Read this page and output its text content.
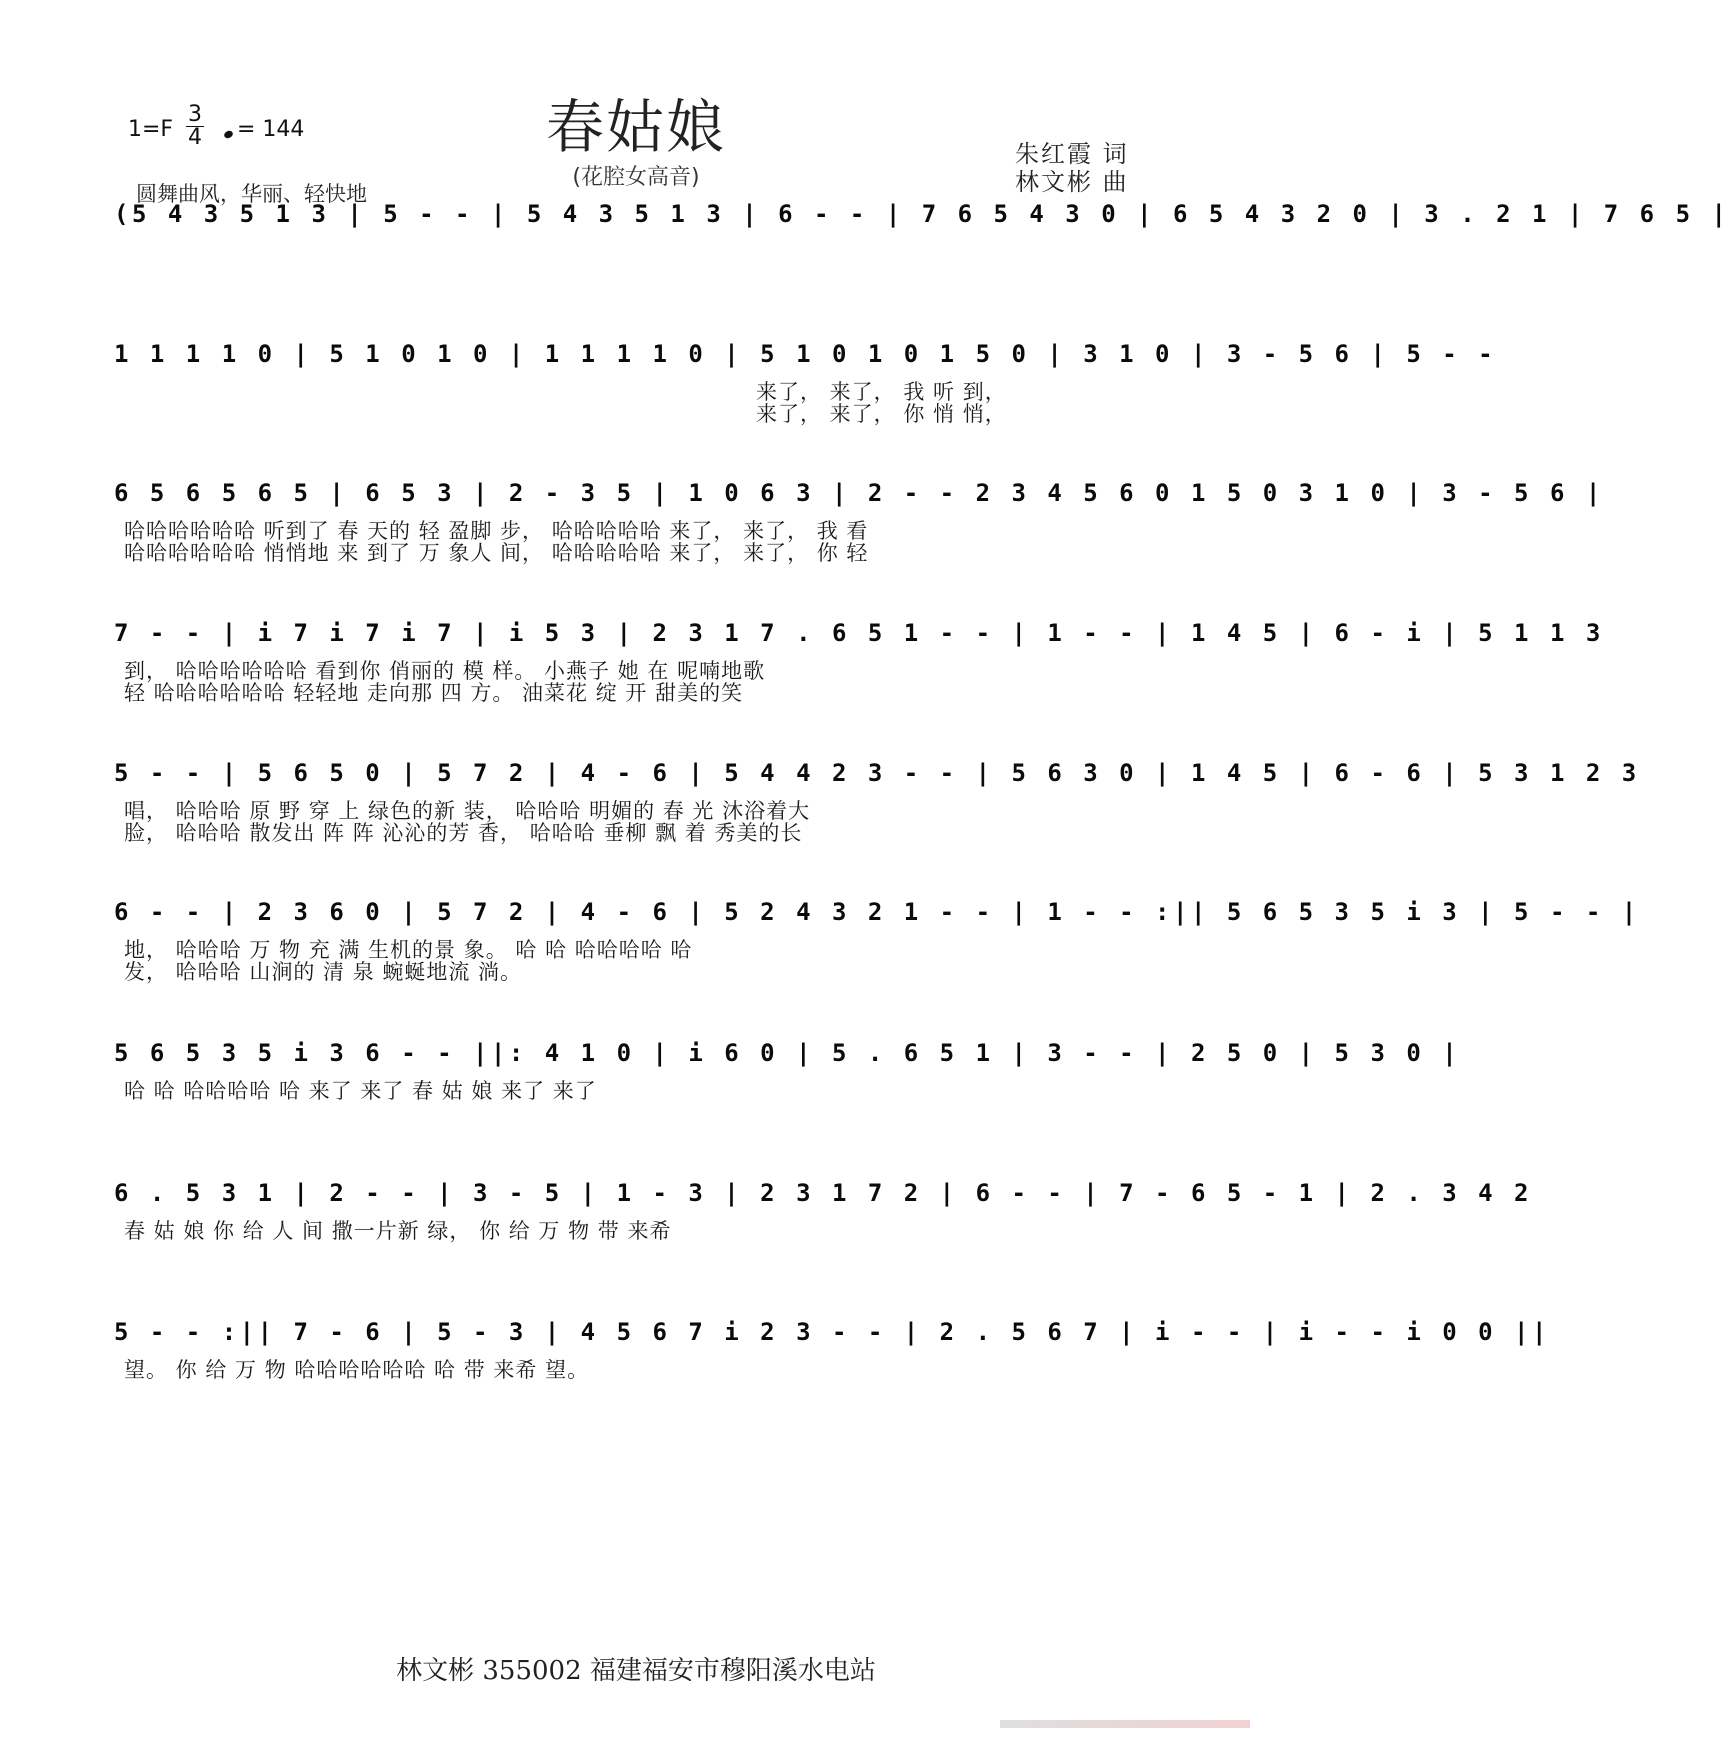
春姑娘
(花腔女高音)
1=F
3
4	= 144
圆舞曲风，华丽、轻快地
朱红霞 词
林文彬 曲
(5 4 3 5 1 3 | 5 - - | 5 4 3 5 1 3 | 6 - - | 7 6 5 4 3 0 | 6 5 4 3 2 0 | 3 . 2 1 | 7 6 5 |
1 1 1 1 0 | 5 1 0 1 0 | 1 1 1 1 0 | 5 1 0 1 0 1 5 0 | 3 1 0 | 3 - 5 6 | 5 - -
来了， 来了， 我 听 到，
来了， 来了， 你 悄 悄，
6 5 6 5 6 5 | 6 5 3 | 2 - 3 5 | 1 0 6 3 | 2 - - 2 3 4 5 6 0 1 5 0 3 1 0 | 3 - 5 6 |
哈哈哈哈哈哈 听到了 春 天的 轻 盈脚 步， 哈哈哈哈哈 来了， 来了， 我 看
哈哈哈哈哈哈 悄悄地 来 到了 万 象人 间， 哈哈哈哈哈 来了， 来了， 你 轻
7 - - | i 7 i 7 i 7 | i 5 3 | 2 3 1 7 . 6 5 1 - - | 1 - - | 1 4 5 | 6 - i | 5 1 1 3
到， 哈哈哈哈哈哈 看到你 俏丽的 模 样。 小燕子 她 在 呢喃地歌
轻 哈哈哈哈哈哈 轻轻地 走向那 四 方。 油菜花 绽 开 甜美的笑
5 - - | 5 6 5 0 | 5 7 2 | 4 - 6 | 5 4 4 2 3 - - | 5 6 3 0 | 1 4 5 | 6 - 6 | 5 3 1 2 3
唱， 哈哈哈 原 野 穿 上 绿色的新 装， 哈哈哈 明媚的 春 光 沐浴着大
脸， 哈哈哈 散发出 阵 阵 沁沁的芳 香， 哈哈哈 垂柳 飘 着 秀美的长
6 - - | 2 3 6 0 | 5 7 2 | 4 - 6 | 5 2 4 3 2 1 - - | 1 - - :|| 5 6 5 3 5 i 3 | 5 - - |
地， 哈哈哈 万 物 充 满 生机的景 象。 哈 哈 哈哈哈哈 哈
发， 哈哈哈 山涧的 清 泉 蜿蜒地流 淌。
5 6 5 3 5 i 3 6 - - ||: 4 1 0 | i 6 0 | 5 . 6 5 1 | 3 - - | 2 5 0 | 5 3 0 |
哈 哈 哈哈哈哈 哈 来了 来了 春 姑 娘 来了 来了
6 . 5 3 1 | 2 - - | 3 - 5 | 1 - 3 | 2 3 1 7 2 | 6 - - | 7 - 6 5 - 1 | 2 . 3 4 2
春 姑 娘 你 给 人 间 撒一片新 绿， 你 给 万 物 带 来希
5 - - :|| 7 - 6 | 5 - 3 | 4 5 6 7 i 2 3 - - | 2 . 5 6 7 | i - - | i - - i 0 0 ||
望。 你 给 万 物 哈哈哈哈哈哈 哈 带 来希 望。
林文彬 355002 福建福安市穆阳溪水电站
